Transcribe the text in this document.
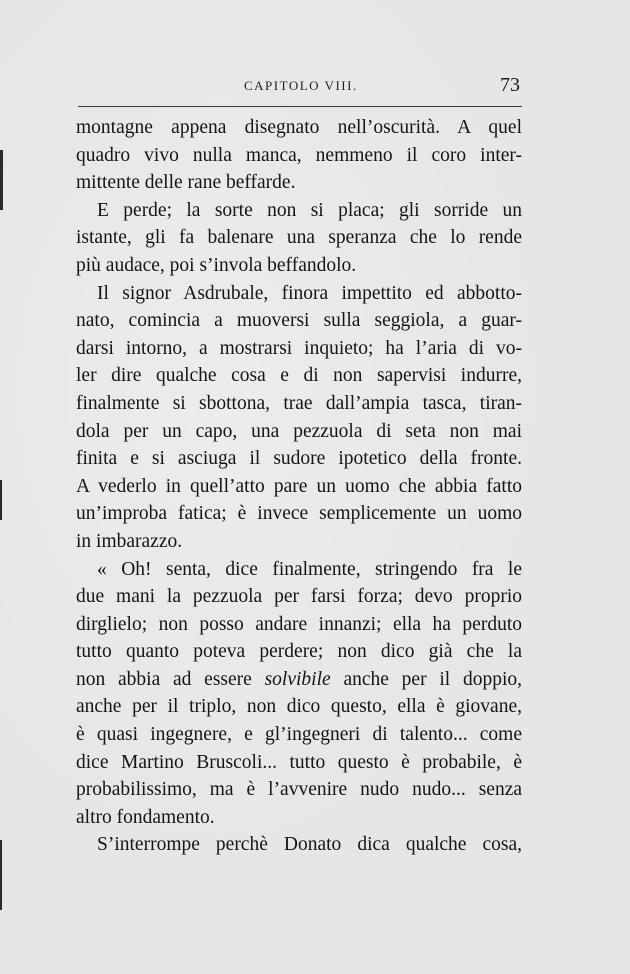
CAPITOLO VIII.	73
montagne appena disegnato nell’oscurità. A quel
quadro vivo nulla manca, nemmeno il coro inter-
mittente delle rane beffarde.
E perde; la sorte non si placa; gli sorride un
istante, gli fa balenare una speranza che lo rende
più audace, poi s’invola beffandolo.
Il signor Asdrubale, finora impettito ed abbotto-
nato, comincia a muoversi sulla seggiola, a guar-
darsi intorno, a mostrarsi inquieto; ha l’aria di vo-
ler dire qualche cosa e di non sapervisi indurre,
finalmente si sbottona, trae dall’ampia tasca, tiran-
dola per un capo, una pezzuola di seta non mai
finita e si asciuga il sudore ipotetico della fronte.
A vederlo in quell’atto pare un uomo che abbia fatto
un’improba fatica; è invece semplicemente un uomo
in imbarazzo.
« Oh! senta, dice finalmente, stringendo fra le
due mani la pezzuola per farsi forza; devo proprio
dirglielo; non posso andare innanzi; ella ha perduto
tutto quanto poteva perdere; non dico già che la
non abbia ad essere solvibile anche per il doppio,
anche per il triplo, non dico questo, ella è giovane,
è quasi ingegnere, e gl’ingegneri di talento... come
dice Martino Bruscoli... tutto questo è probabile, è
probabilissimo, ma è l’avvenire nudo nudo... senza
altro fondamento.
S’interrompe perchè Donato dica qualche cosa,
